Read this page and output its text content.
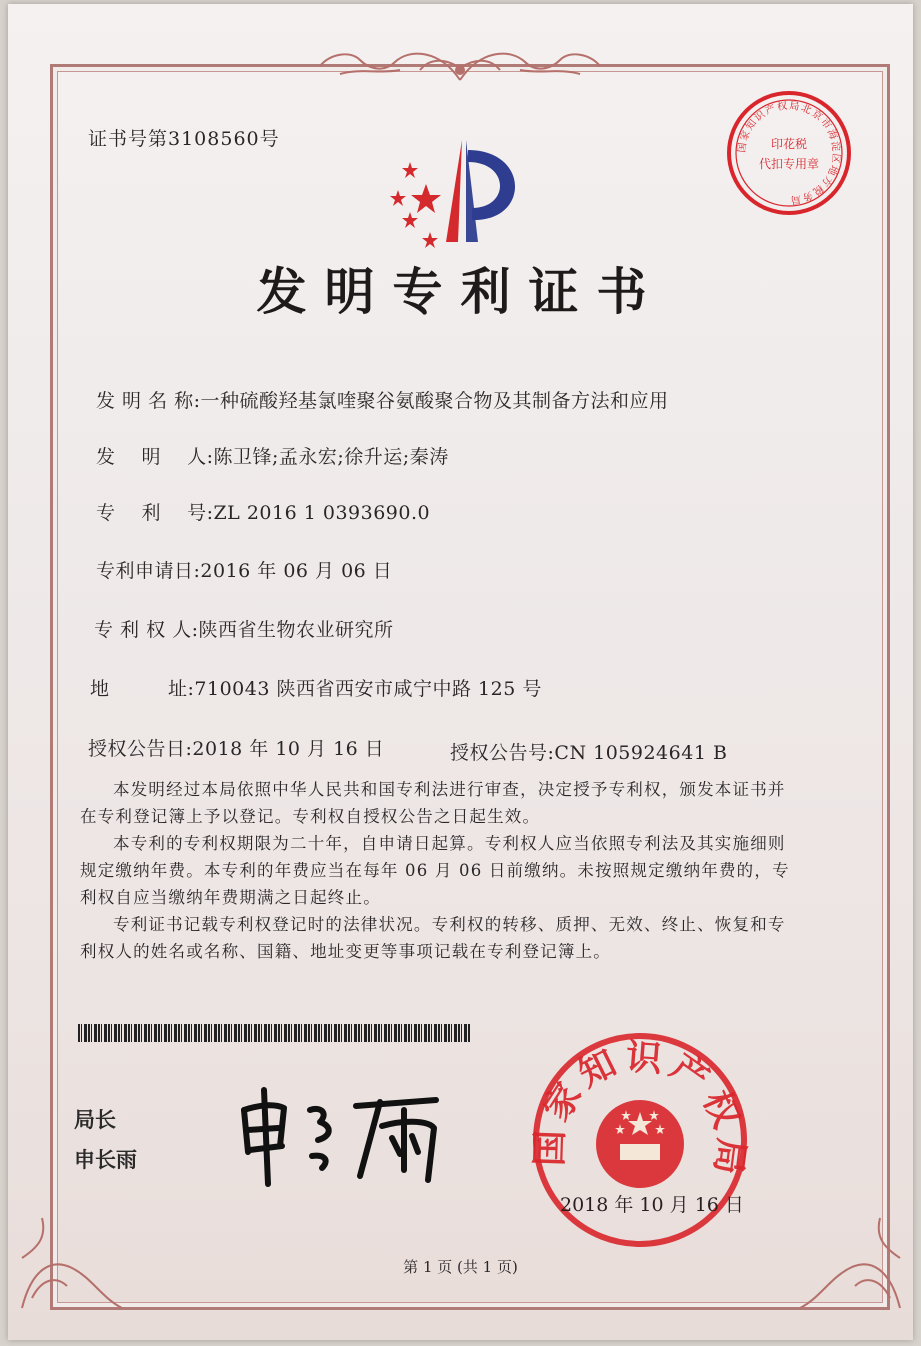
证书号第3108560号	国家知识产权局北京市海淀区地方税务局
印花税
代扣专用章
发明专利证书
发 明 名 称:一种硫酸羟基氯喹聚谷氨酸聚合物及其制备方法和应用
发　 明　 人:陈卫锋;孟永宏;徐升运;秦涛
专　 利　 号:ZL 2016 1 0393690.0
专利申请日:2016 年 06 月 06 日
专 利 权 人:陕西省生物农业研究所
地　　　址:710043 陕西省西安市咸宁中路 125 号
授权公告日:2018 年 10 月 16 日	授权公告号:CN 105924641 B

本发明经过本局依照中华人民共和国专利法进行审查，决定授予专利权，颁发本证书并在专利登记簿上予以登记。专利权自授权公告之日起生效。

本专利的专利权期限为二十年，自申请日起算。专利权人应当依照专利法及其实施细则规定缴纳年费。本专利的年费应当在每年 06 月 06 日前缴纳。未按照规定缴纳年费的，专利权自应当缴纳年费期满之日起终止。

专利证书记载专利权登记时的法律状况。专利权的转移、质押、无效、终止、恢复和专利权人的姓名或名称、国籍、地址变更等事项记载在专利登记簿上。

局长
申长雨	国家知识产权局
2018 年 10 月 16 日
第 1 页 (共 1 页)
